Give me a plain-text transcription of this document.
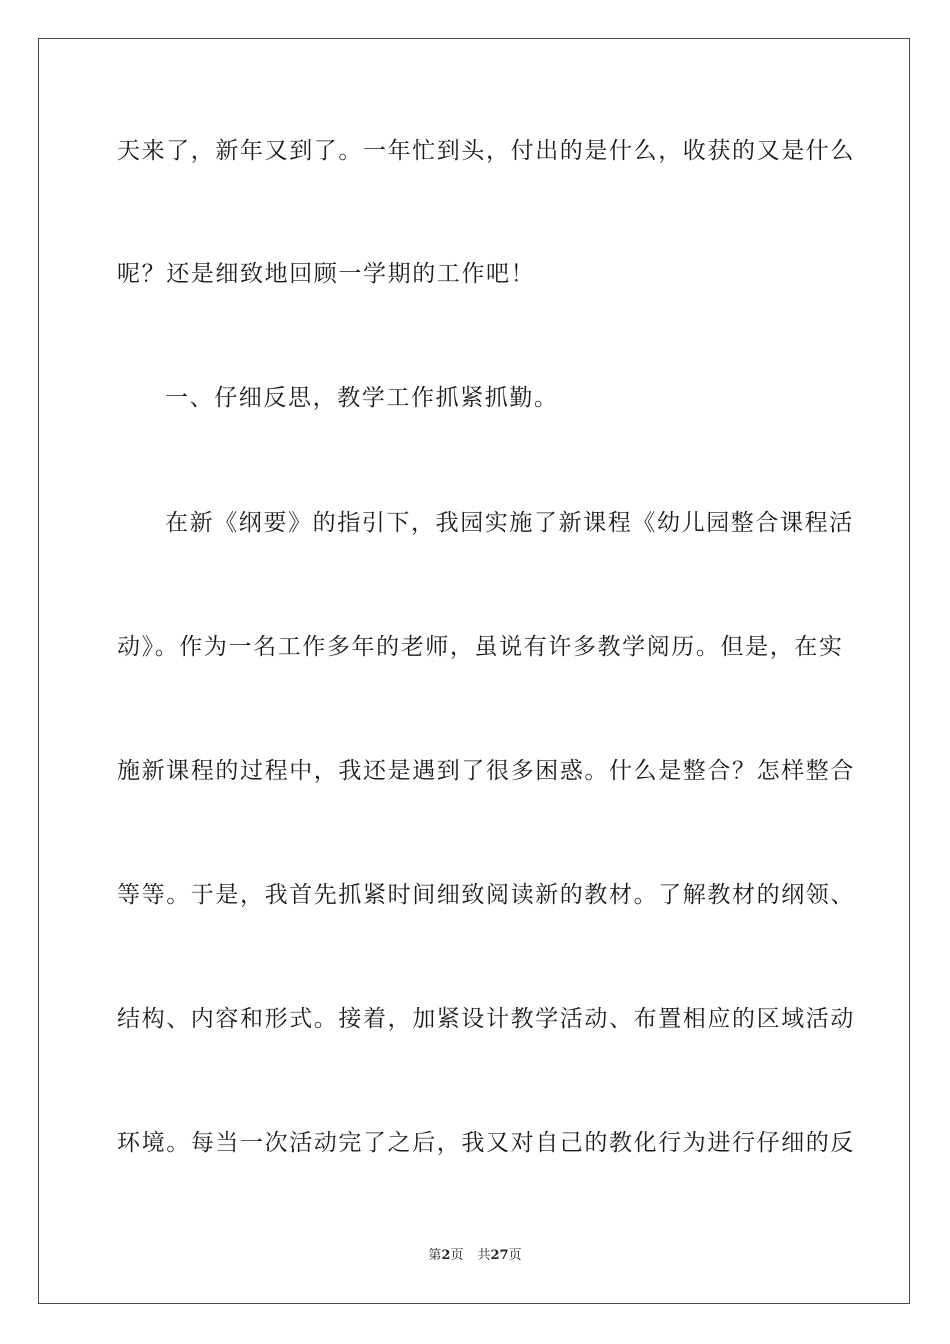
天来了，新年又到了。一年忙到头，付出的是什么，收获的又是什么
呢？还是细致地回顾一学期的工作吧！
一、仔细反思，教学工作抓紧抓勤。
在新《纲要》的指引下，我园实施了新课程《幼儿园整合课程活
动》。作为一名工作多年的老师，虽说有许多教学阅历。但是，在实
施新课程的过程中，我还是遇到了很多困惑。什么是整合？怎样整合
等等。于是，我首先抓紧时间细致阅读新的教材。了解教材的纲领、
结构、内容和形式。接着，加紧设计教学活动、布置相应的区域活动
环境。每当一次活动完了之后，我又对自己的教化行为进行仔细的反
第2页 共27页
